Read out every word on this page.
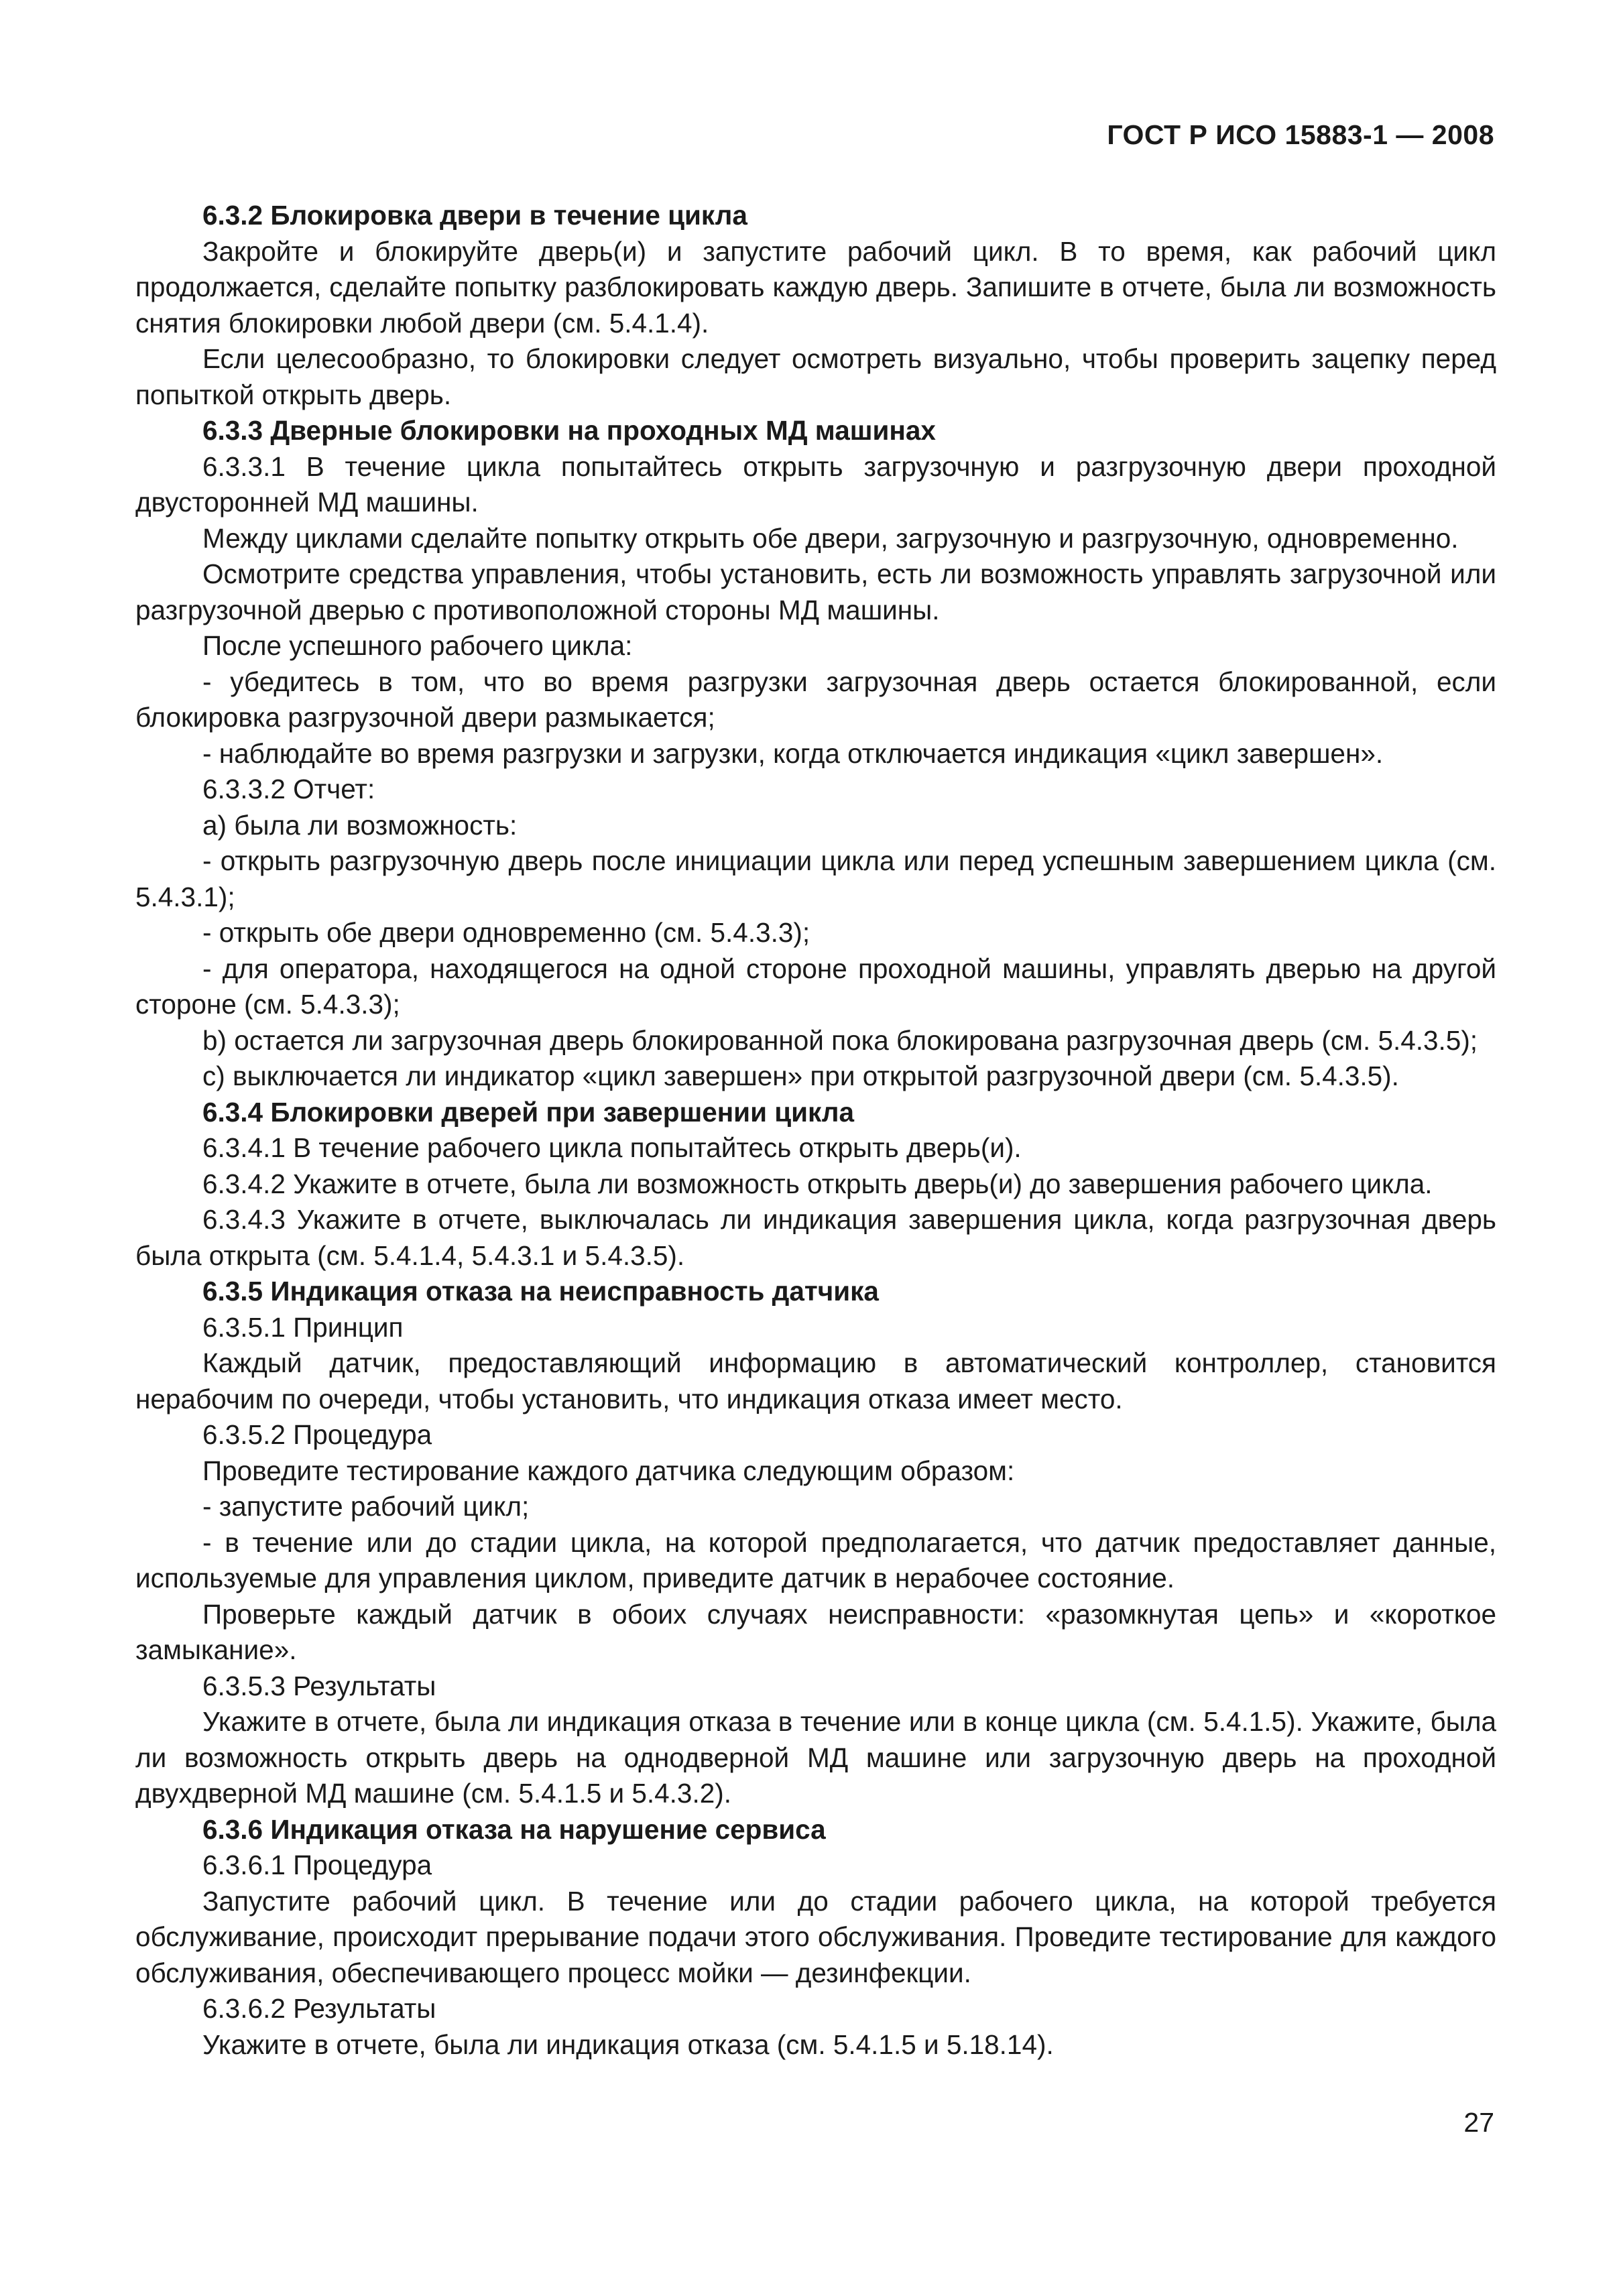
ГОСТ Р ИСО 15883-1 — 2008
6.3.2 Блокировка двери в течение цикла
Закройте и блокируйте дверь(и) и запустите рабочий цикл. В то время, как рабочий цикл продолжается, сделайте попытку разблокировать каждую дверь. Запишите в отчете, была ли возможность снятия блокировки любой двери (см. 5.4.1.4).
Если целесообразно, то блокировки следует осмотреть визуально, чтобы проверить зацепку перед попыткой открыть дверь.
6.3.3 Дверные блокировки на проходных МД машинах
6.3.3.1 В течение цикла попытайтесь открыть загрузочную и разгрузочную двери проходной двусторонней МД машины.
Между циклами сделайте попытку открыть обе двери, загрузочную и разгрузочную, одновременно.
Осмотрите средства управления, чтобы установить, есть ли возможность управлять загрузочной или разгрузочной дверью с противоположной стороны МД машины.
После успешного рабочего цикла:
- убедитесь в том, что во время разгрузки загрузочная дверь остается блокированной, если блокировка разгрузочной двери размыкается;
- наблюдайте во время разгрузки и загрузки, когда отключается индикация «цикл завершен».
6.3.3.2 Отчет:
а) была ли возможность:
- открыть разгрузочную дверь после инициации цикла или перед успешным завершением цикла (см. 5.4.3.1);
- открыть обе двери одновременно (см. 5.4.3.3);
- для оператора, находящегося на одной стороне проходной машины, управлять дверью на другой стороне (см. 5.4.3.3);
b) остается ли загрузочная дверь блокированной пока блокирована разгрузочная дверь (см. 5.4.3.5);
с) выключается ли индикатор «цикл завершен» при открытой разгрузочной двери (см. 5.4.3.5).
6.3.4 Блокировки дверей при завершении цикла
6.3.4.1 В течение рабочего цикла попытайтесь открыть дверь(и).
6.3.4.2 Укажите в отчете, была ли возможность открыть дверь(и) до завершения рабочего цикла.
6.3.4.3 Укажите в отчете, выключалась ли индикация завершения цикла, когда разгрузочная дверь была открыта (см. 5.4.1.4, 5.4.3.1 и 5.4.3.5).
6.3.5 Индикация отказа на неисправность датчика
6.3.5.1 Принцип
Каждый датчик, предоставляющий информацию в автоматический контроллер, становится нерабочим по очереди, чтобы установить, что индикация отказа имеет место.
6.3.5.2 Процедура
Проведите тестирование каждого датчика следующим образом:
- запустите рабочий цикл;
- в течение или до стадии цикла, на которой предполагается, что датчик предоставляет данные, используемые для управления циклом, приведите датчик в нерабочее состояние.
Проверьте каждый датчик в обоих случаях неисправности: «разомкнутая цепь» и «короткое замыкание».
6.3.5.3 Результаты
Укажите в отчете, была ли индикация отказа в течение или в конце цикла (см. 5.4.1.5). Укажите, была ли возможность открыть дверь на однодверной МД машине или загрузочную дверь на проходной двухдверной МД машине (см. 5.4.1.5 и 5.4.3.2).
6.3.6 Индикация отказа на нарушение сервиса
6.3.6.1 Процедура
Запустите рабочий цикл. В течение или до стадии рабочего цикла, на которой требуется обслуживание, происходит прерывание подачи этого обслуживания. Проведите тестирование для каждого обслуживания, обеспечивающего процесс мойки — дезинфекции.
6.3.6.2 Результаты
Укажите в отчете, была ли индикация отказа (см. 5.4.1.5 и 5.18.14).
27
